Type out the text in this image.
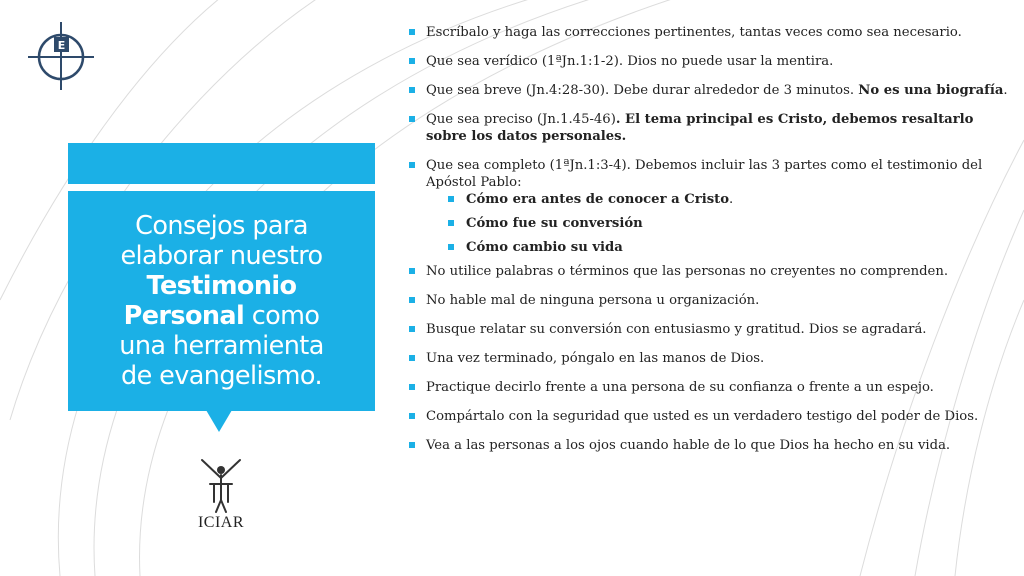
E
Consejos para
elaborar nuestro
Testimonio
Personal como
una herramienta
de evangelismo.
ICIAR
Escríbalo y haga las correcciones pertinentes, tantas veces como sea necesario.
Que sea verídico (1ªJn.1:1-2). Dios no puede usar la mentira.
Que sea breve (Jn.4:28-30). Debe durar alrededor de 3 minutos. No es una biografía.
Que sea preciso (Jn.1.45-46). El tema principal es Cristo, debemos resaltarlo sobre los datos personales.
Que sea completo (1ªJn.1:3-4). Debemos incluir las 3 partes como el testimonio del Apóstol Pablo:
Cómo era antes de conocer a Cristo.
Cómo fue su conversión
Cómo cambio su vida
No utilice palabras o términos que las personas no creyentes no comprenden.
No hable mal de ninguna persona u organización.
Busque relatar su conversión con entusiasmo y gratitud. Dios se agradará.
Una vez terminado, póngalo en las manos de Dios.
Practique decirlo frente a una persona de su confianza o frente a un espejo.
Compártalo con la seguridad que usted es un verdadero testigo del poder de Dios.
Vea a las personas a los ojos cuando hable de lo que Dios ha hecho en su vida.
